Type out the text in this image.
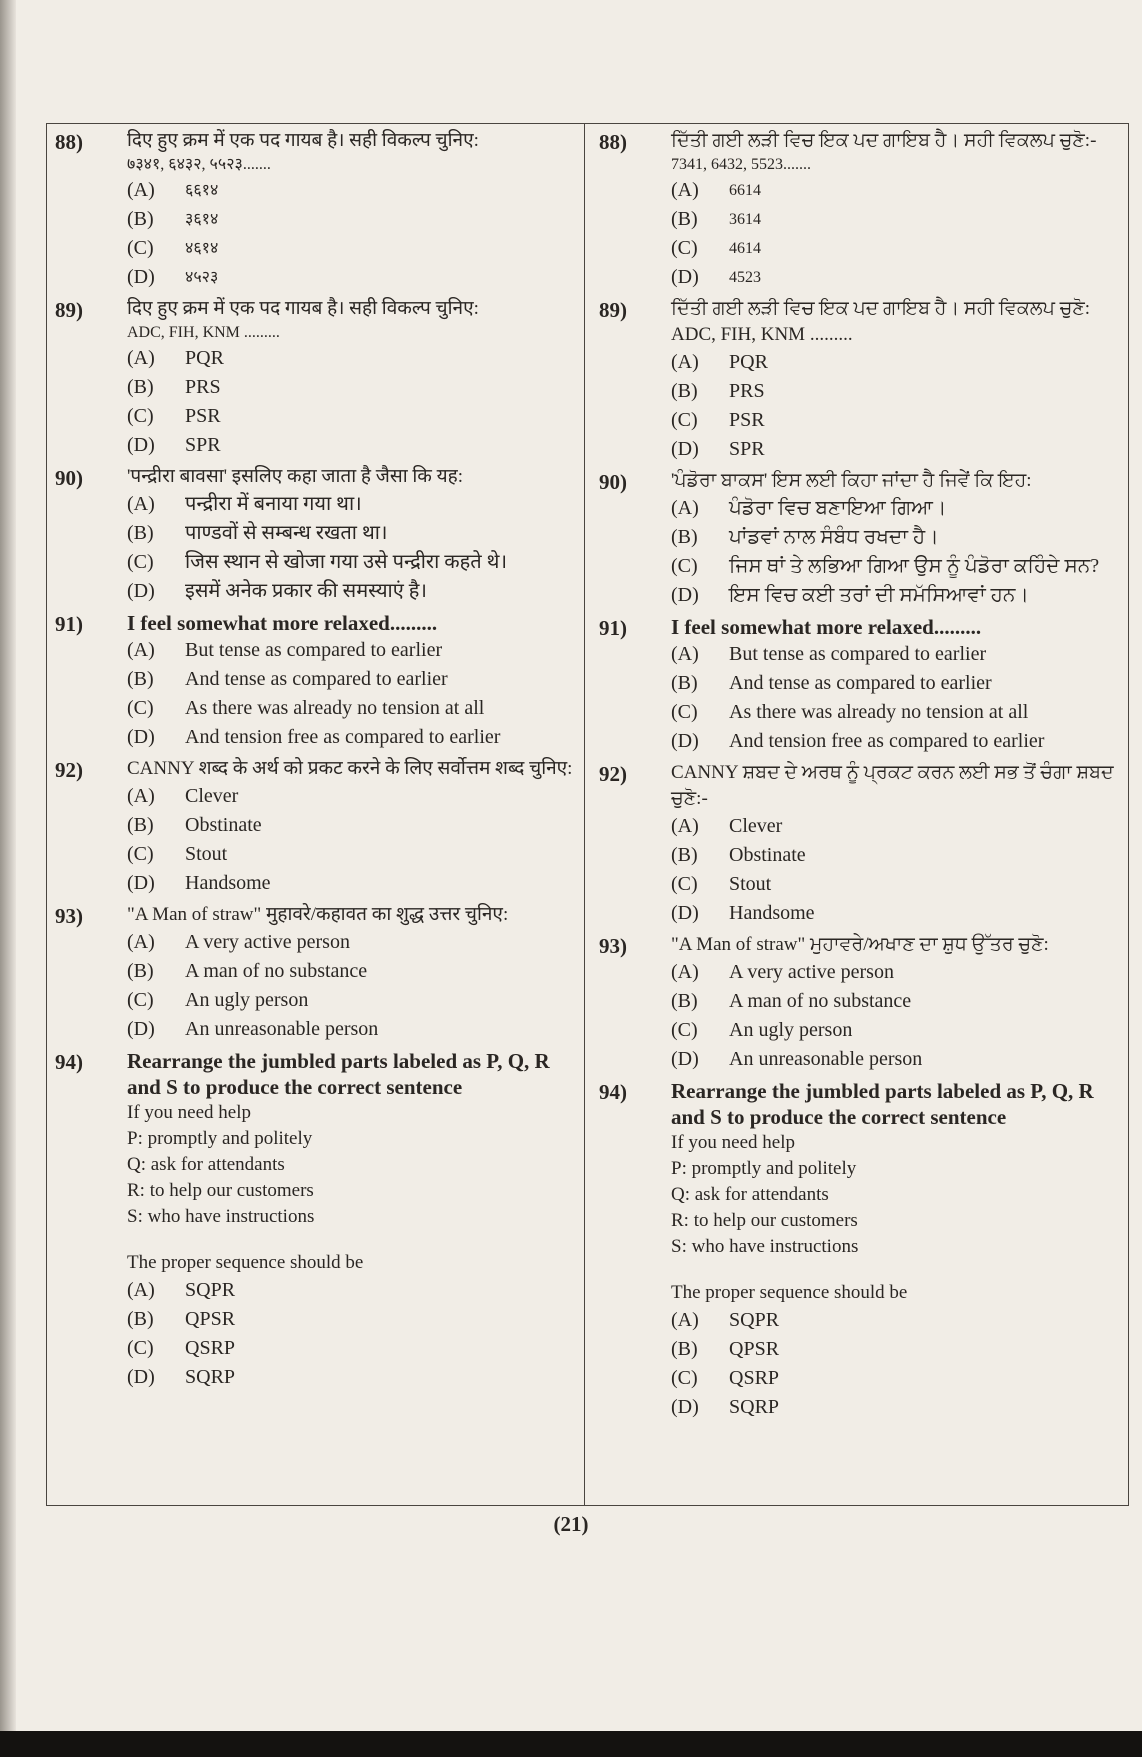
88)	दिए हुए क्रम में एक पद गायब है। सही विकल्प चुनिए:
७३४१, ६४३२, ५५२३.......
(A)	६६१४
(B)	३६१४
(C)	४६१४
(D)	४५२३
89)	दिए हुए क्रम में एक पद गायब है। सही विकल्प चुनिए:
ADC, FIH, KNM .........
(A)	PQR
(B)	PRS
(C)	PSR
(D)	SPR
90)	'पन्द्रीरा बावसा' इसलिए कहा जाता है जैसा कि यह:
(A)	पन्द्रीरा में बनाया गया था।
(B)	पाण्डवों से सम्बन्ध रखता था।
(C)	जिस स्थान से खोजा गया उसे पन्द्रीरा कहते थे।
(D)	इसमें अनेक प्रकार की समस्याएं है।
91)	I feel somewhat more relaxed.........
(A)	But tense as compared to earlier
(B)	And tense as compared to earlier
(C)	As there was already no tension at all
(D)	And tension free as compared to earlier
92)	CANNY शब्द के अर्थ को प्रकट करने के लिए सर्वोत्तम शब्द चुनिए:
(A)	Clever
(B)	Obstinate
(C)	Stout
(D)	Handsome
93)	"A Man of straw" मुहावरे/कहावत का शुद्ध उत्तर चुनिए:
(A)	A very active person
(B)	A man of no substance
(C)	An ugly person
(D)	An unreasonable person
94)	Rearrange the jumbled parts labeled as P, Q, R and S to produce the correct sentence
If you need help
P: promptly and politely
Q: ask for attendants
R: to help our customers
S: who have instructions
The proper sequence should be
(A)	SQPR
(B)	QPSR
(C)	QSRP
(D)	SQRP
88)	ਦਿੱਤੀ ਗਈ ਲੜੀ ਵਿਚ ਇਕ ਪਦ ਗਾਇਬ ਹੈ। ਸਹੀ ਵਿਕਲਪ ਚੁਣੋ:-
7341, 6432, 5523.......
(A)	6614
(B)	3614
(C)	4614
(D)	4523
89)	ਦਿੱਤੀ ਗਈ ਲੜੀ ਵਿਚ ਇਕ ਪਦ ਗਾਇਬ ਹੈ। ਸਹੀ ਵਿਕਲਪ ਚੁਣੋ: ADC, FIH, KNM .........
(A)	PQR
(B)	PRS
(C)	PSR
(D)	SPR
90)	'ਪੰਡੋਰਾ ਬਾਕਸ' ਇਸ ਲਈ ਕਿਹਾ ਜਾਂਦਾ ਹੈ ਜਿਵੇਂ ਕਿ ਇਹ:
(A)	ਪੰਡੋਰਾ ਵਿਚ ਬਣਾਇਆ ਗਿਆ।
(B)	ਪਾਂਡਵਾਂ ਨਾਲ ਸੰਬੰਧ ਰਖਦਾ ਹੈ।
(C)	ਜਿਸ ਥਾਂ ਤੇ ਲਭਿਆ ਗਿਆ ਉਸ ਨੂੰ ਪੰਡੋਰਾ ਕਹਿੰਦੇ ਸਨ?
(D)	ਇਸ ਵਿਚ ਕਈ ਤਰਾਂ ਦੀ ਸਮੱਸਿਆਵਾਂ ਹਨ।
91)	I feel somewhat more relaxed.........
(A)	But tense as compared to earlier
(B)	And tense as compared to earlier
(C)	As there was already no tension at all
(D)	And tension free as compared to earlier
92)	CANNY ਸ਼ਬਦ ਦੇ ਅਰਥ ਨੂੰ ਪ੍ਰਕਟ ਕਰਨ ਲਈ ਸਭ ਤੋਂ ਚੰਗਾ ਸ਼ਬਦ ਚੁਣੋ:-
(A)	Clever
(B)	Obstinate
(C)	Stout
(D)	Handsome
93)	"A Man of straw" ਮੁਹਾਵਰੇ/ਅਖਾਣ ਦਾ ਸ਼ੁਧ ਉੱਤਰ ਚੁਣੋ:
(A)	A very active person
(B)	A man of no substance
(C)	An ugly person
(D)	An unreasonable person
94)	Rearrange the jumbled parts labeled as P, Q, R and S to produce the correct sentence
If you need help
P: promptly and politely
Q: ask for attendants
R: to help our customers
S: who have instructions
The proper sequence should be
(A)	SQPR
(B)	QPSR
(C)	QSRP
(D)	SQRP
(21)
